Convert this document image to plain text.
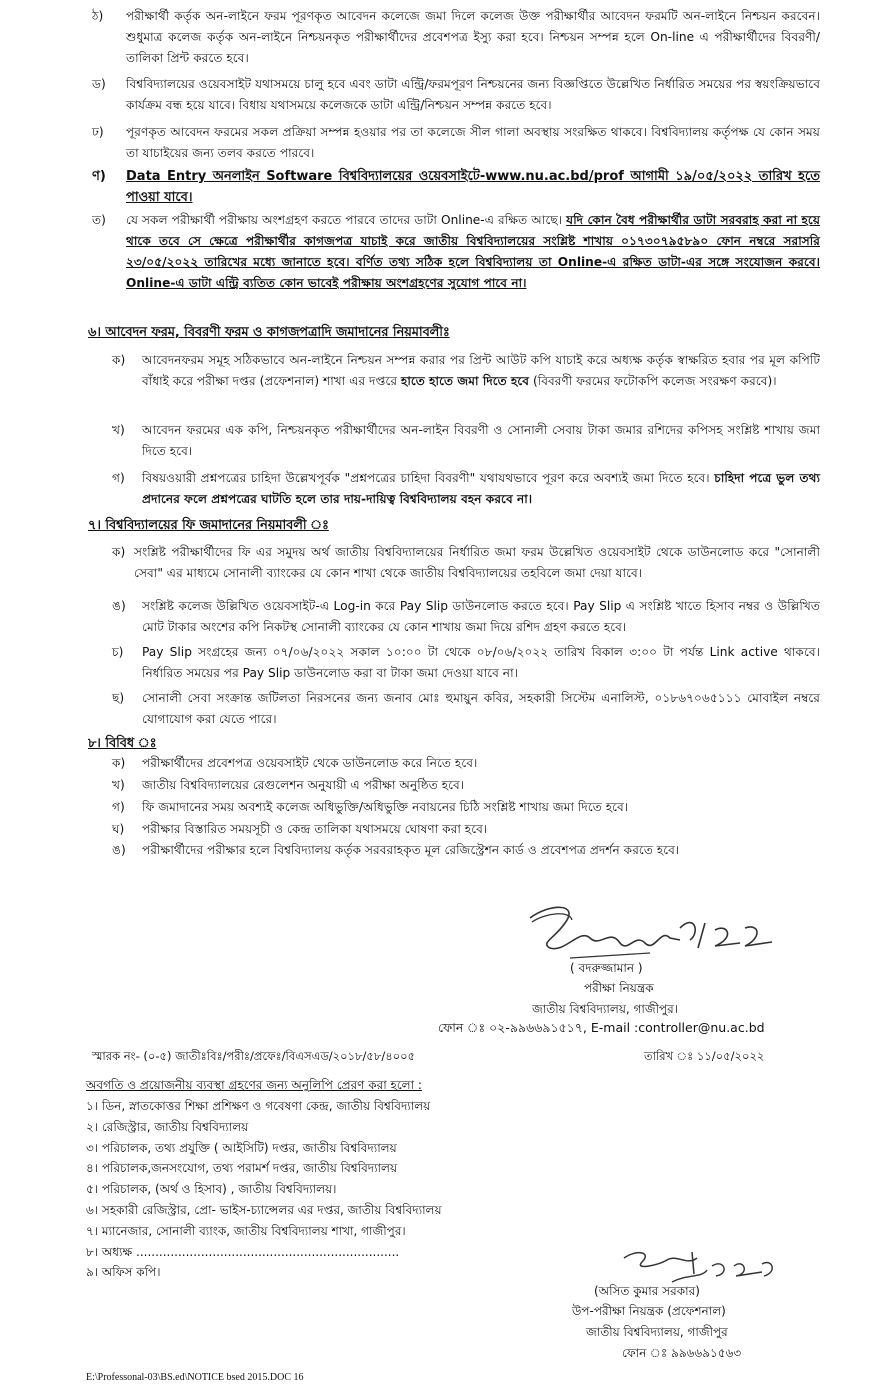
ঠ) পরীক্ষার্থী কর্তৃক অন-লাইনে ফরম পূরণকৃত আবেদন কলেজে জমা দিলে কলেজ উক্ত পরীক্ষার্থীর আবেদন ফরমটি অন-লাইনে নিশ্চয়ন করবেন। শুধুমাত্র কলেজ কর্তৃক অন-লাইনে নিশ্চয়নকৃত পরীক্ষার্থীদের প্রবেশপত্র ইস্যু করা হবে। নিশ্চয়ন সম্পন্ন হলে On-line এ পরীক্ষার্থীদের বিবরণী/তালিকা প্রিন্ট করতে হবে।
ড) বিশ্ববিদ্যালয়ের ওয়েবসাইট যথাসময়ে চালু হবে এবং ডাটা এন্ট্রি/ফরমপূরণ নিশ্চয়নের জন্য বিজ্ঞপ্তিতে উল্লেখিত নির্ধারিত সময়ের পর স্বয়ংক্রিয়ভাবে কার্যক্রম বন্ধ হয়ে যাবে। বিধায় যথাসময়ে কলেজকে ডাটা এন্ট্রি/নিশ্চয়ন সম্পন্ন করতে হবে।
ঢ) পূরণকৃত আবেদন ফরমের সকল প্রক্রিয়া সম্পন্ন হওয়ার পর তা কলেজে সীল গালা অবস্থায় সংরক্ষিত থাকবে। বিশ্ববিদ্যালয় কর্তৃপক্ষ যে কোন সময় তা যাচাইয়ের জন্য তলব করতে পারবে।
ণ) Data Entry অনলাইন Software বিশ্ববিদ্যালয়ের ওয়েবসাইটে-www.nu.ac.bd/prof আগামী ১৯/০৫/২০২২ তারিখ হতে পাওয়া যাবে।
ত) যে সকল পরীক্ষার্থী পরীক্ষায় অংশগ্রহণ করতে পারবে তাদের ডাটা Online-এ রক্ষিত আছে। যদি কোন বৈধ পরীক্ষার্থীর ডাটা সরবরাহ করা না হয়ে থাকে তবে সে ক্ষেত্রে পরীক্ষার্থীর কাগজপত্র যাচাই করে জাতীয় বিশ্ববিদ্যালয়ের সংশ্লিষ্ট শাখায় ০১৭৩০৭৯৫৮৯০ ফোন নম্বরে সরাসরি ২৩/০৫/২০২২ তারিখের মধ্যে জানাতে হবে। বর্ণিত তথ্য সঠিক হলে বিশ্ববিদ্যালয় তা Online-এ রক্ষিত ডাটা-এর সঙ্গে সংযোজন করবে। Online-এ ডাটা এন্ট্রি ব্যতিত কোন ভাবেই পরীক্ষায় অংশগ্রহণের সুযোগ পাবে না।
৬। আবেদন ফরম, বিবরণী ফরম ও কাগজপত্রাদি জমাদানের নিয়মাবলীঃ
ক) আবেদনফরম সমূহ সঠিকভাবে অন-লাইনে নিশ্চয়ন সম্পন্ন করার পর প্রিন্ট আউট কপি যাচাই করে অধ্যক্ষ কর্তৃক স্বাক্ষরিত হবার পর মূল কপিটি বাঁধাই করে পরীক্ষা দপ্তর (প্রফেশনাল) শাখা এর দপ্তরে হাতে হাতে জমা দিতে হবে (বিবরণী ফরমের ফটোকপি কলেজ সংরক্ষণ করবে)।
খ) আবেদন ফরমের এক কপি, নিশ্চয়নকৃত পরীক্ষার্থীদের অন-লাইন বিবরণী ও সোনালী সেবায় টাকা জমার রশিদের কপিসহ সংশ্লিষ্ট শাখায় জমা দিতে হবে।
গ) বিষয়ওয়ারী প্রশ্নপত্রের চাহিদা উল্লেখপূর্বক "প্রশ্নপত্রের চাহিদা বিবরণী" যথাযথভাবে পূরণ করে অবশ্যই জমা দিতে হবে। চাহিদা পত্রে ভুল তথ্য প্রদানের ফলে প্রশ্নপত্রের ঘাটতি হলে তার দায়-দায়িত্ব বিশ্ববিদ্যালয় বহন করবে না।
৭। বিশ্ববিদ্যালয়ের ফি জমাদানের নিয়মাবলী ঃ
ক) সংশ্লিষ্ট পরীক্ষার্থীদের ফি এর সমুদয় অর্থ জাতীয় বিশ্ববিদ্যালয়ের নির্ধারিত জমা ফরম উল্লেখিত ওয়েবসাইট থেকে ডাউনলোড করে "সোনালী সেবা" এর মাধ্যমে সোনালী ব্যাংকের যে কোন শাখা থেকে জাতীয় বিশ্ববিদ্যালয়ের তহবিলে জমা দেয়া যাবে।
ঙ) সংশ্লিষ্ট কলেজ উল্লিখিত ওয়েবসাইট-এ Log-in করে Pay Slip ডাউনলোড করতে হবে। Pay Slip এ সংশ্লিষ্ট খাতে হিসাব নম্বর ও উল্লিখিত মোট টাকার অংশের কপি নিকটস্থ সোনালী ব্যাংকের যে কোন শাখায় জমা দিয়ে রশিদ গ্রহণ করতে হবে।
চ) Pay Slip সংগ্রহের জন্য ০৭/০৬/২০২২ সকাল ১০:০০ টা থেকে ০৮/০৬/২০২২ তারিখ বিকাল ৩:০০ টা পর্যন্ত Link active থাকবে। নির্ধারিত সময়ের পর Pay Slip ডাউনলোড করা বা টাকা জমা দেওয়া যাবে না।
ছ) সোনালী সেবা সংক্রান্ত জটিলতা নিরসনের জন্য জনাব মোঃ হুমায়ুন কবির, সহকারী সিস্টেম এনালিস্ট, ০১৮৬৭০৬৫১১১ মোবাইল নম্বরে যোগাযোগ করা যেতে পারে।
৮। বিবিধ ঃ
ক) পরীক্ষার্থীদের প্রবেশপত্র ওয়েবসাইট থেকে ডাউনলোড করে নিতে হবে।
খ) জাতীয় বিশ্ববিদ্যালয়ের রেগুলেশন অনুযায়ী এ পরীক্ষা অনুষ্ঠিত হবে।
গ) ফি জমাদানের সময় অবশ্যই কলেজ অধিভুক্তি/অধিভুক্তি নবায়নের চিঠি সংশ্লিষ্ট শাখায় জমা দিতে হবে।
ঘ) পরীক্ষার বিস্তারিত সময়সূচী ও কেন্দ্র তালিকা যথাসময়ে ঘোষণা করা হবে।
ঙ) পরীক্ষার্থীদের পরীক্ষার হলে বিশ্ববিদ্যালয় কর্তৃক সরবরাহকৃত মূল রেজিস্ট্রেশন কার্ড ও প্রবেশপত্র প্রদর্শন করতে হবে।
( বদরুজ্জামান )
পরীক্ষা নিয়ন্ত্রক
জাতীয় বিশ্ববিদ্যালয়, গাজীপুর।
ফোন ঃ ০২-৯৯৬৬৯১৫১৭, E-mail :controller@nu.ac.bd
স্মারক নং- (০-৫) জাতীঃবিঃ/পরীঃ/প্রফেঃ/বিএসএড/২০১৮/৫৮/৪০০৫	তারিখ ঃ ১১/০৫/২০২২
অবগতি ও প্রয়োজনীয় ব্যবস্থা গ্রহণের জন্য অনুলিপি প্রেরণ করা হলো :
১। ডিন, স্নাতকোত্তর শিক্ষা প্রশিক্ষণ ও গবেষণা কেন্দ্র, জাতীয় বিশ্ববিদ্যালয়
২। রেজিস্ট্রার, জাতীয় বিশ্ববিদ্যালয়
৩। পরিচালক, তথ্য প্রযুক্তি ( আইসিটি) দপ্তর, জাতীয় বিশ্ববিদ্যালয়
৪। পরিচালক,জনসংযোগ, তথ্য পরামর্শ দপ্তর, জাতীয় বিশ্ববিদ্যালয়
৫। পরিচালক, (অর্থ ও হিসাব) , জাতীয় বিশ্ববিদ্যালয়।
৬। সহকারী রেজিস্ট্রার, প্রো- ভাইস-চ্যান্সেলর এর দপ্তর, জাতীয় বিশ্ববিদ্যালয়
৭। ম্যানেজার, সোনালী ব্যাংক, জাতীয় বিশ্ববিদ্যালয় শাখা, গাজীপুর।
৮। অধ্যক্ষ .....................................................................
৯। অফিস কপি।
(অসিত কুমার সরকার)
উপ-পরীক্ষা নিয়ন্ত্রক (প্রফেশনাল)
জাতীয় বিশ্ববিদ্যালয়, গাজীপুর
ফোন ঃ ৯৯৬৬৯১৫৬৩
E:\Professonal-03\BS.ed\NOTICE bsed 2015.DOC 16
